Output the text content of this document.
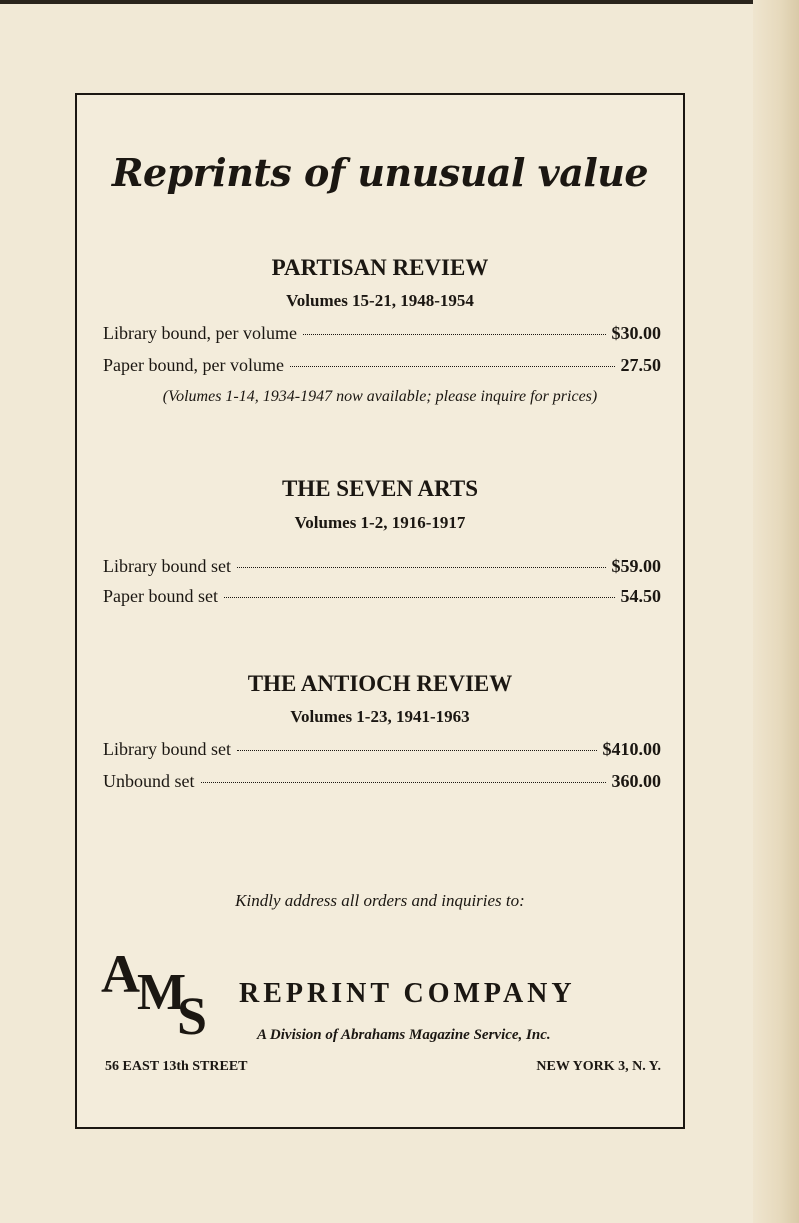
Reprints of unusual value
PARTISAN REVIEW
Volumes 15-21, 1948-1954
Library bound, per volume	$30.00
Paper bound, per volume	27.50
(Volumes 1-14, 1934-1947 now available; please inquire for prices)
THE SEVEN ARTS
Volumes 1-2, 1916-1917
Library bound set	$59.00
Paper bound set	54.50
THE ANTIOCH REVIEW
Volumes 1-23, 1941-1963
Library bound set	$410.00
Unbound set	360.00
Kindly address all orders and inquiries to:
A
M
S REPRINT COMPANY
A Division of Abrahams Magazine Service, Inc.
56 EAST 13th STREET	NEW YORK 3, N. Y.
